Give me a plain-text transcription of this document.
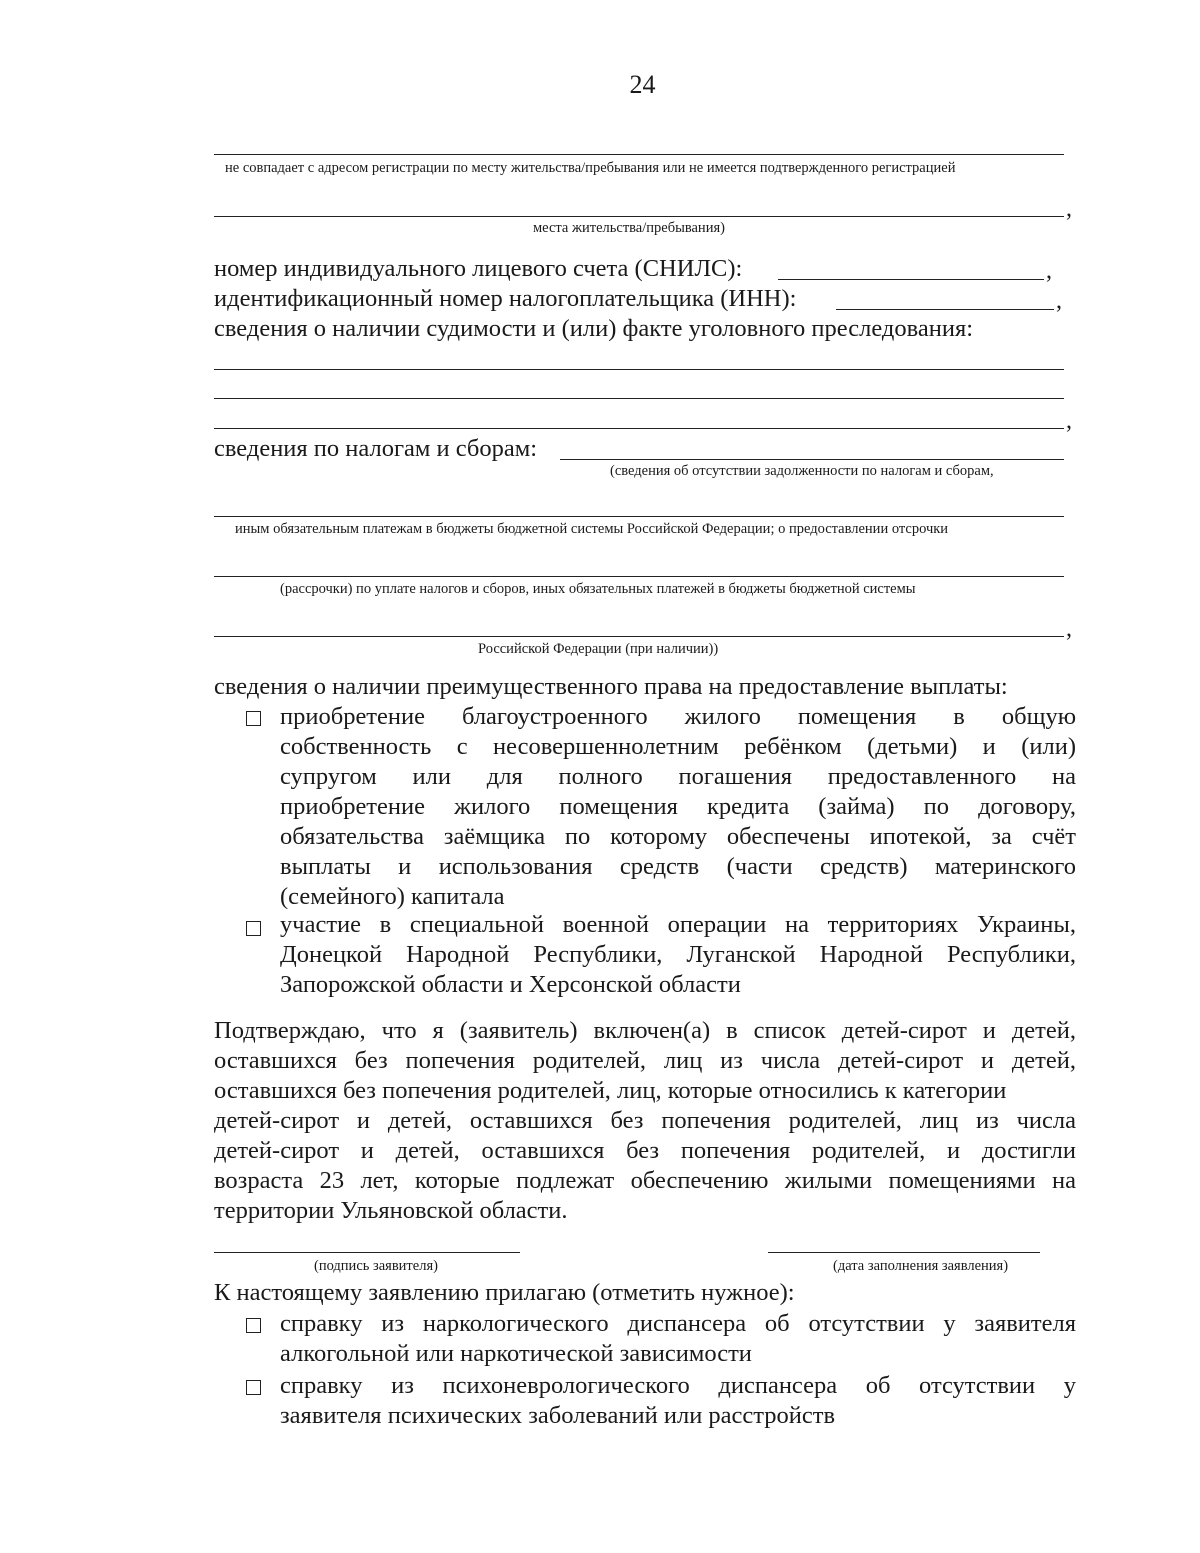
24
не совпадает с адресом регистрации по месту жительства/пребывания или не имеется подтвержденного регистрацией
,
места жительства/пребывания)
номер индивидуального лицевого счета (СНИЛС):	,
идентификационный номер налогоплательщика (ИНН):	,
сведения о наличии судимости и (или) факте уголовного преследования:
,
сведения по налогам и сборам:
(сведения об отсутствии задолженности по налогам и сборам,
иным обязательным платежам в бюджеты бюджетной системы Российской Федерации; о предоставлении отсрочки
(рассрочки) по уплате налогов и сборов, иных обязательных платежей в бюджеты бюджетной системы
,
Российской Федерации (при наличии))
сведения о наличии преимущественного права на предоставление выплаты:
приобретение благоустроенного жилого помещения в общую
собственность с несовершеннолетним ребёнком (детьми) и (или)
супругом или для полного погашения предоставленного на
приобретение жилого помещения кредита (займа) по договору,
обязательства заёмщика по которому обеспечены ипотекой, за счёт
выплаты и использования средств (части средств) материнского
(семейного) капитала
участие в специальной военной операции на территориях Украины,
Донецкой Народной Республики, Луганской Народной Республики,
Запорожской области и Херсонской области
Подтверждаю, что я (заявитель) включен(а) в список детей-сирот и детей,
оставшихся без попечения родителей, лиц из числа детей-сирот и детей,
оставшихся без попечения родителей, лиц, которые относились к категории
детей-сирот и детей, оставшихся без попечения родителей, лиц из числа
детей-сирот и детей, оставшихся без попечения родителей, и достигли
возраста 23 лет, которые подлежат обеспечению жилыми помещениями на
территории Ульяновской области.
(подпись заявителя)	(дата заполнения заявления)
К настоящему заявлению прилагаю (отметить нужное):
справку из наркологического диспансера об отсутствии у заявителя
алкогольной или наркотической зависимости
справку из психоневрологического диспансера об отсутствии у
заявителя психических заболеваний или расстройств
